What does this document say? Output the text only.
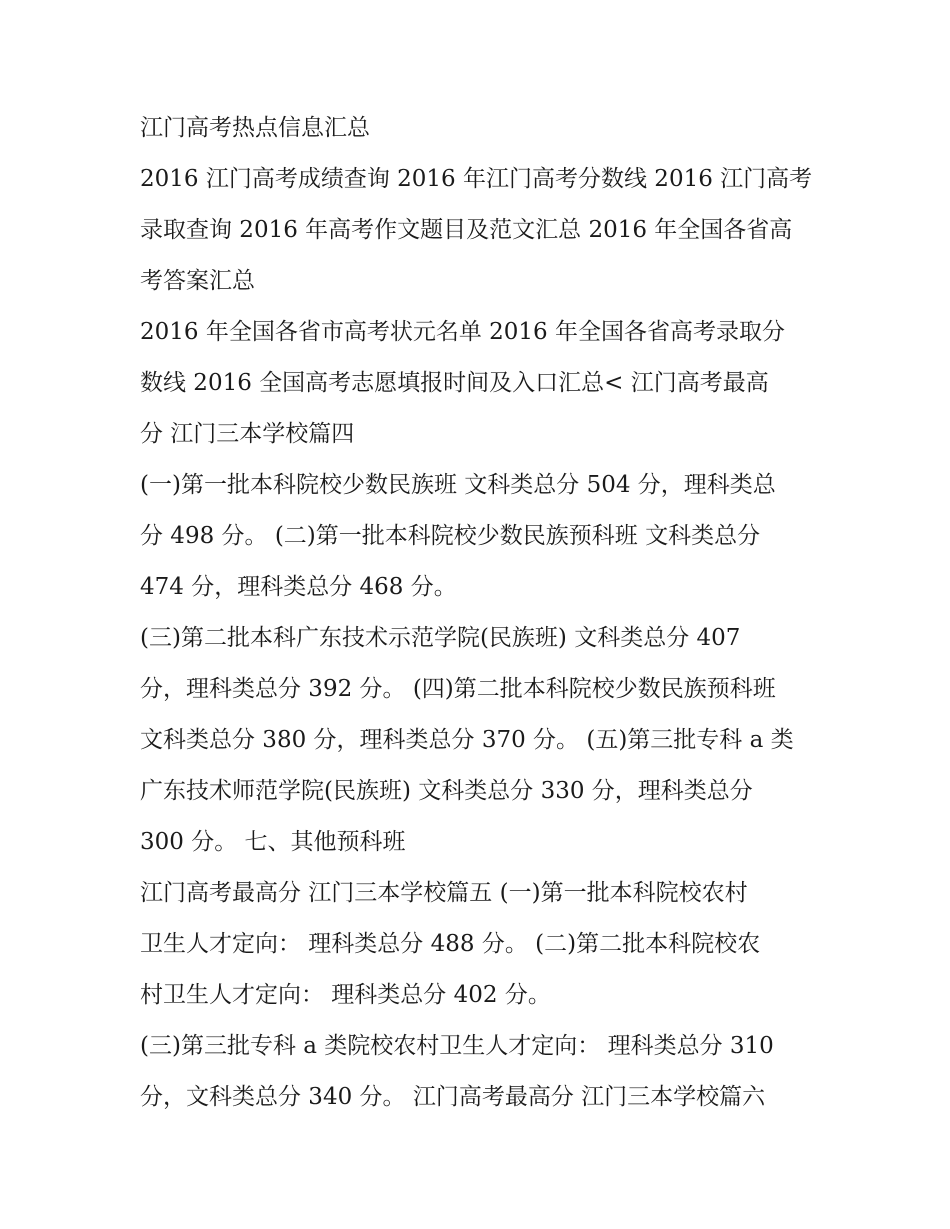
江门高考热点信息汇总
2016 江门高考成绩查询 2016 年江门高考分数线 2016 江门高考
录取查询 2016 年高考作文题目及范文汇总 2016 年全国各省高
考答案汇总
2016 年全国各省市高考状元名单 2016 年全国各省高考录取分
数线 2016 全国高考志愿填报时间及入口汇总< 江门高考最高
分 江门三本学校篇四
(一)第一批本科院校少数民族班 文科类总分 504 分，理科类总
分 498 分。 (二)第一批本科院校少数民族预科班 文科类总分
474 分，理科类总分 468 分。
(三)第二批本科广东技术示范学院(民族班) 文科类总分 407
分，理科类总分 392 分。 (四)第二批本科院校少数民族预科班
文科类总分 380 分，理科类总分 370 分。 (五)第三批专科 a 类
广东技术师范学院(民族班) 文科类总分 330 分，理科类总分
300 分。 七、其他预科班
江门高考最高分 江门三本学校篇五 (一)第一批本科院校农村
卫生人才定向： 理科类总分 488 分。 (二)第二批本科院校农
村卫生人才定向： 理科类总分 402 分。
(三)第三批专科 a 类院校农村卫生人才定向： 理科类总分 310
分，文科类总分 340 分。 江门高考最高分 江门三本学校篇六
